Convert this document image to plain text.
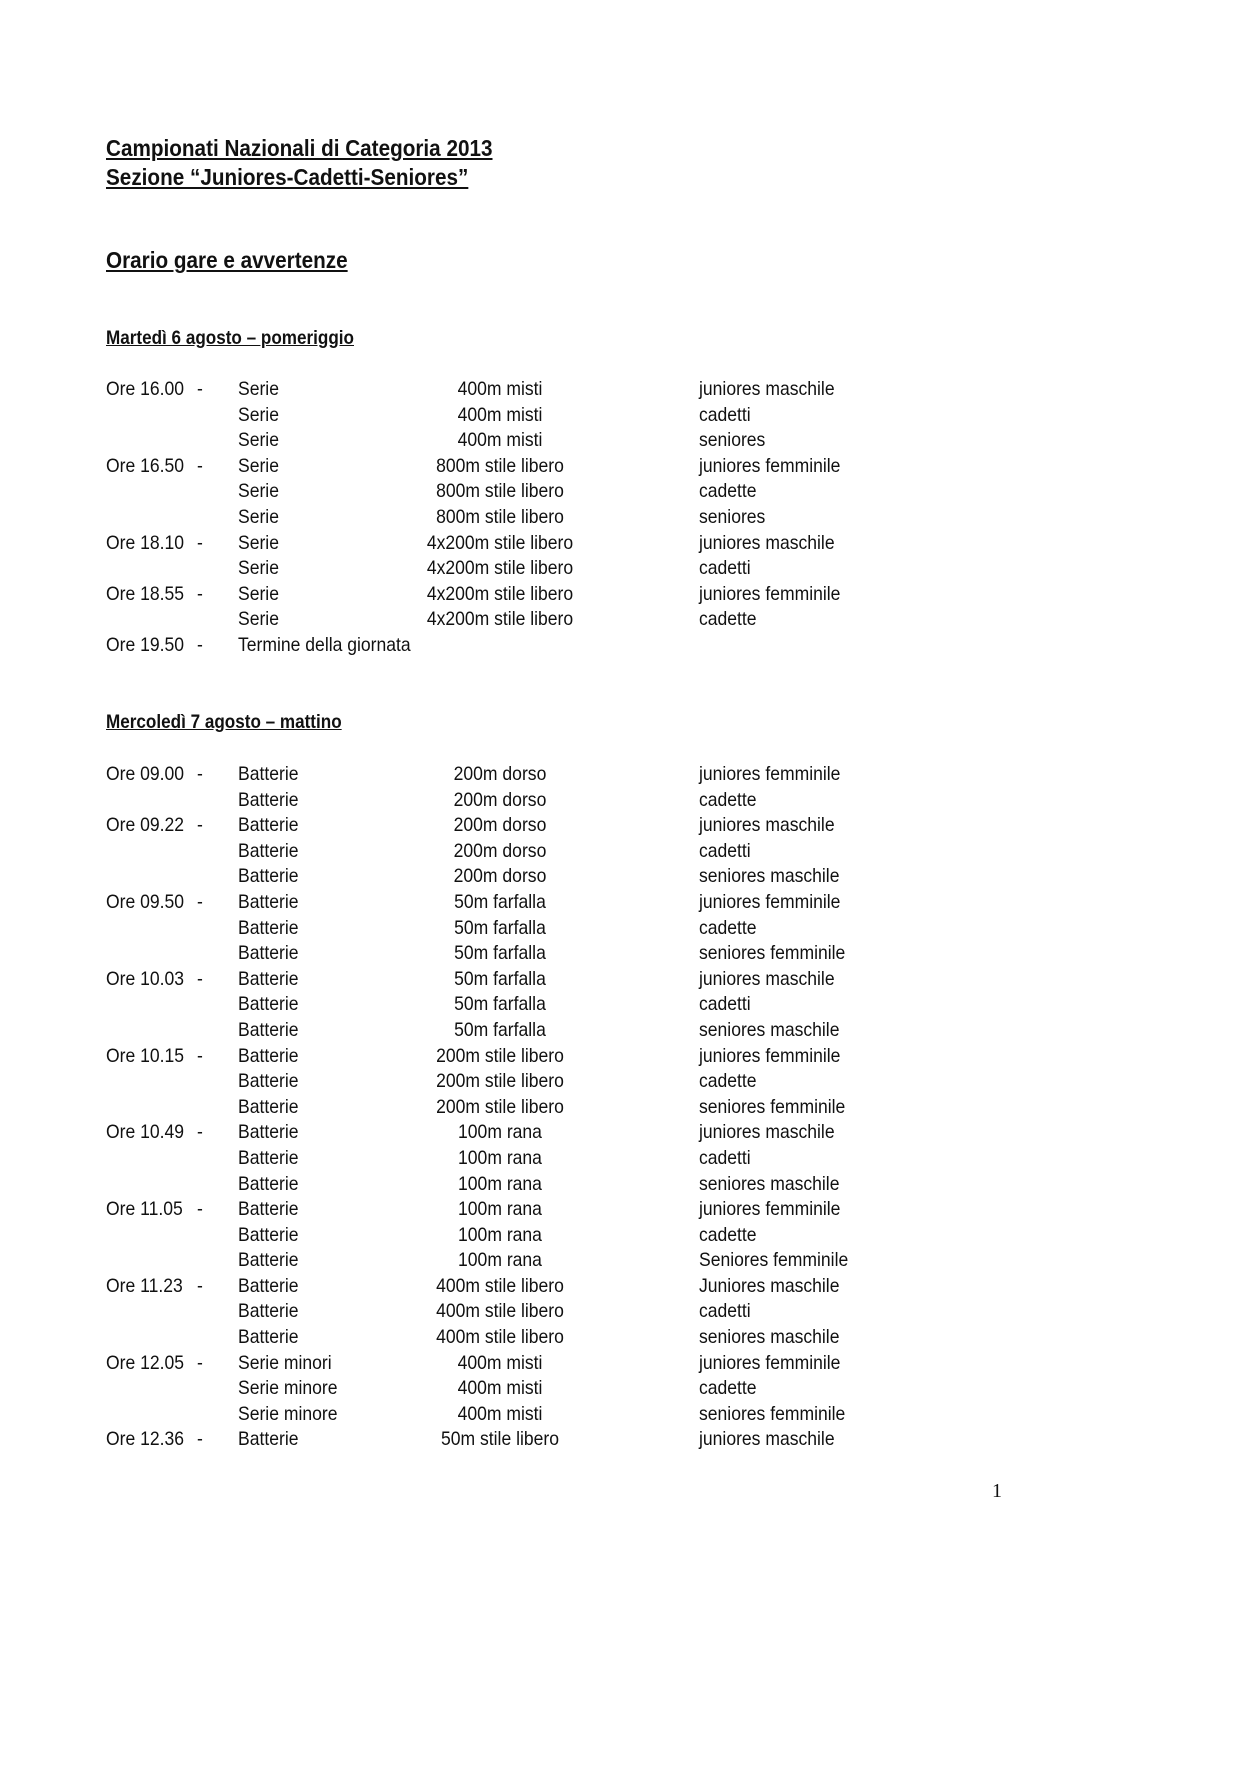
Campionati Nazionali di Categoria 2013
Sezione “Juniores-Cadetti-Seniores”
Orario gare e avvertenze
Martedì 6 agosto – pomeriggio
Ore 16.00 - Serie	400m misti	juniores maschile
Serie	400m misti	cadetti
Serie	400m misti	seniores
Ore 16.50 - Serie	800m stile libero	juniores femminile
Serie	800m stile libero	cadette
Serie	800m stile libero	seniores
Ore 18.10 - Serie	4x200m stile libero	juniores maschile
Serie	4x200m stile libero	cadetti
Ore 18.55 - Serie	4x200m stile libero	juniores femminile
Serie	4x200m stile libero	cadette
Ore 19.50 - Termine della giornata
Mercoledì 7 agosto – mattino
Ore 09.00 - Batterie	200m dorso	juniores femminile
Batterie	200m dorso	cadette
Ore 09.22 - Batterie	200m dorso	juniores maschile
Batterie	200m dorso	cadetti
Batterie	200m dorso	seniores maschile
Ore 09.50 - Batterie	50m farfalla	juniores femminile
Batterie	50m farfalla	cadette
Batterie	50m farfalla	seniores femminile
Ore 10.03 - Batterie	50m farfalla	juniores maschile
Batterie	50m farfalla	cadetti
Batterie	50m farfalla	seniores maschile
Ore 10.15 - Batterie	200m stile libero	juniores femminile
Batterie	200m stile libero	cadette
Batterie	200m stile libero	seniores femminile
Ore 10.49 - Batterie	100m rana	juniores maschile
Batterie	100m rana	cadetti
Batterie	100m rana	seniores maschile
Ore 11.05 - Batterie	100m rana	juniores femminile
Batterie	100m rana	cadette
Batterie	100m rana	Seniores femminile
Ore 11.23 - Batterie	400m stile libero	Juniores maschile
Batterie	400m stile libero	cadetti
Batterie	400m stile libero	seniores maschile
Ore 12.05 - Serie minori	400m misti	juniores femminile
Serie minore	400m misti	cadette
Serie minore	400m misti	seniores femminile
Ore 12.36 - Batterie	50m stile libero	juniores maschile
1
